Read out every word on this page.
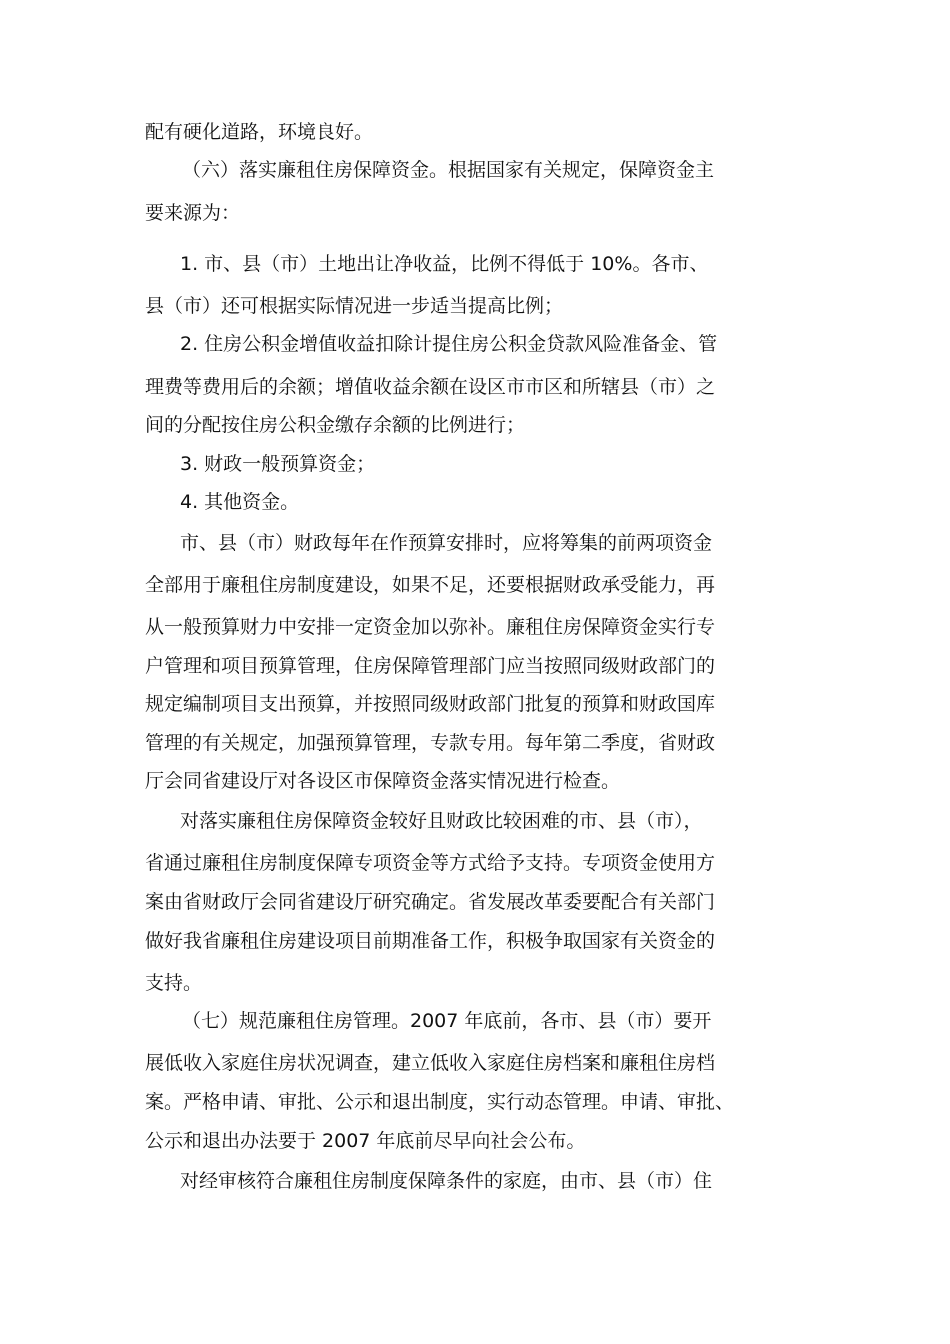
配有硬化道路，环境良好。
（六）落实廉租住房保障资金。根据国家有关规定，保障资金主
要来源为：
1. 市、县（市）土地出让净收益，比例不得低于 10%。各市、
县（市）还可根据实际情况进一步适当提高比例；
2. 住房公积金增值收益扣除计提住房公积金贷款风险准备金、管
理费等费用后的余额；增值收益余额在设区市市区和所辖县（市）之
间的分配按住房公积金缴存余额的比例进行；
3. 财政一般预算资金；
4. 其他资金。
市、县（市）财政每年在作预算安排时，应将筹集的前两项资金
全部用于廉租住房制度建设，如果不足，还要根据财政承受能力，再
从一般预算财力中安排一定资金加以弥补。廉租住房保障资金实行专
户管理和项目预算管理，住房保障管理部门应当按照同级财政部门的
规定编制项目支出预算，并按照同级财政部门批复的预算和财政国库
管理的有关规定，加强预算管理，专款专用。每年第二季度，省财政
厅会同省建设厅对各设区市保障资金落实情况进行检查。
对落实廉租住房保障资金较好且财政比较困难的市、县（市），
省通过廉租住房制度保障专项资金等方式给予支持。专项资金使用方
案由省财政厅会同省建设厅研究确定。省发展改革委要配合有关部门
做好我省廉租住房建设项目前期准备工作，积极争取国家有关资金的
支持。
（七）规范廉租住房管理。2007 年底前，各市、县（市）要开
展低收入家庭住房状况调查，建立低收入家庭住房档案和廉租住房档
案。严格申请、审批、公示和退出制度，实行动态管理。申请、审批、
公示和退出办法要于 2007 年底前尽早向社会公布。
对经审核符合廉租住房制度保障条件的家庭，由市、县（市）住
